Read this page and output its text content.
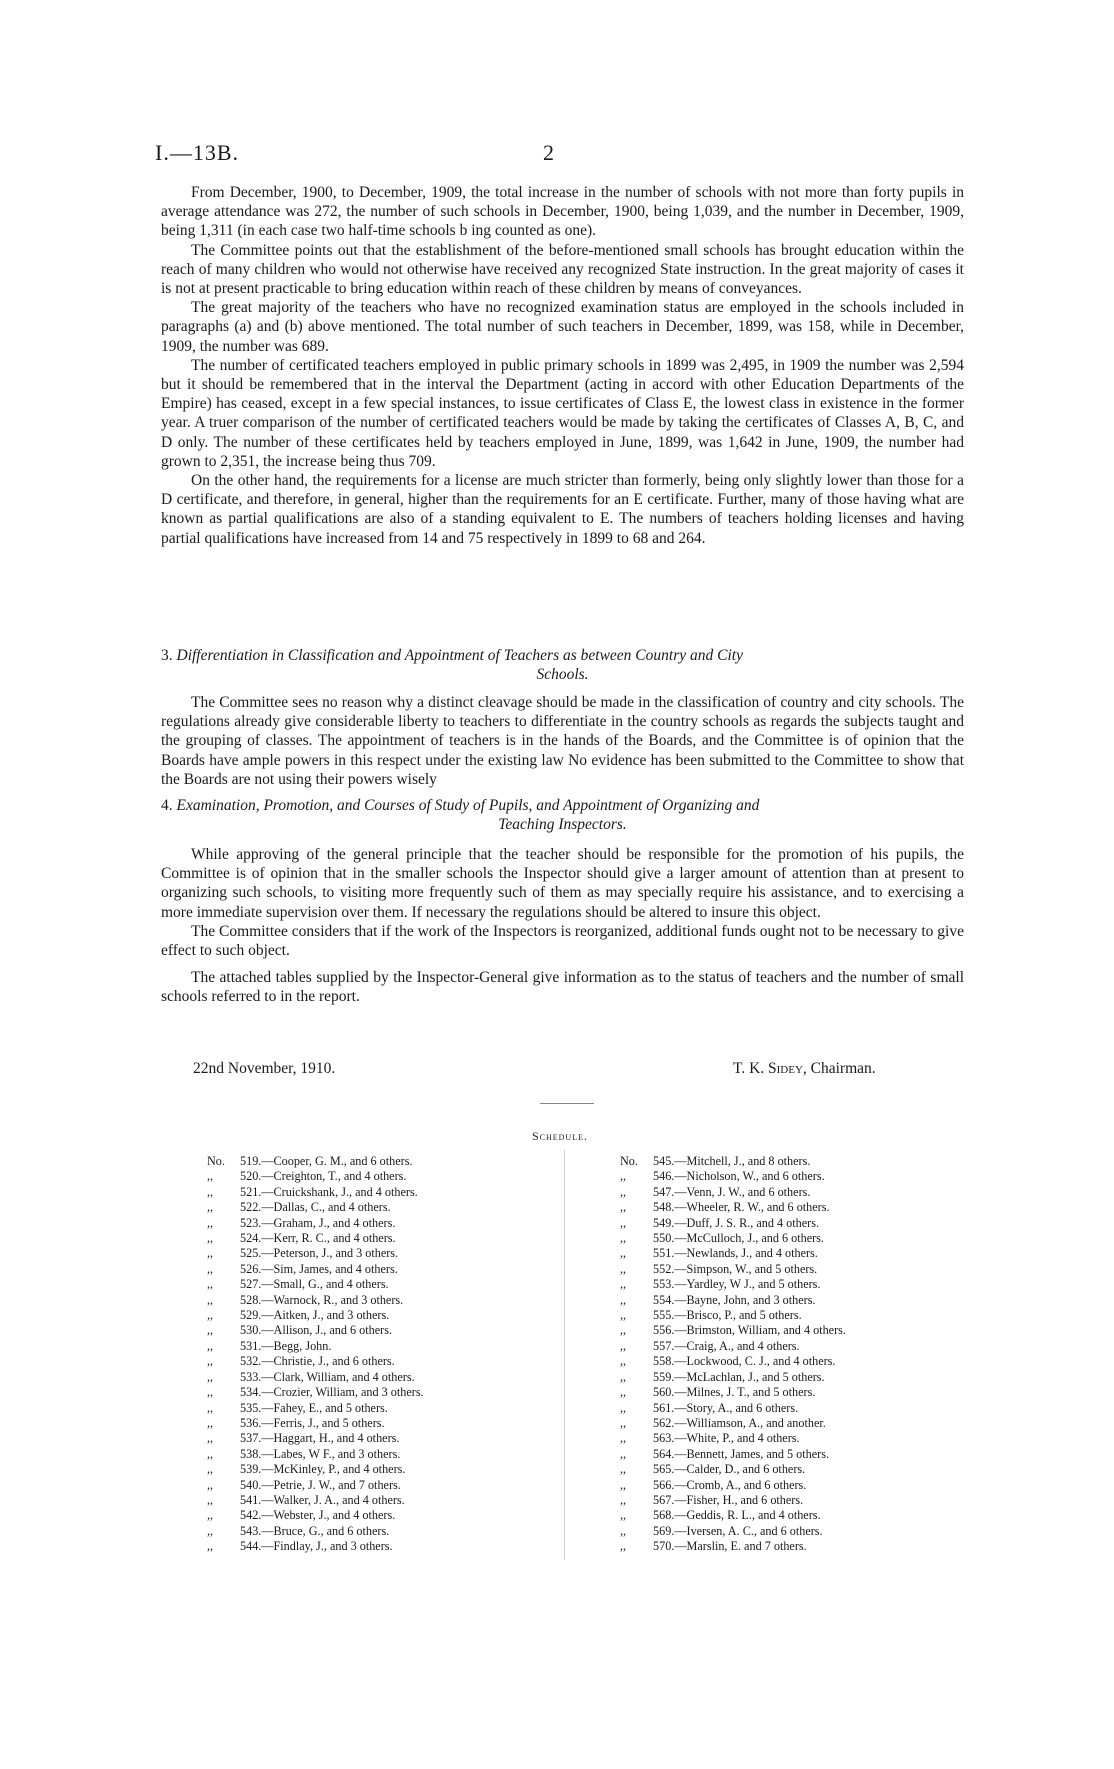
I.—13B.	2

From December, 1900, to December, 1909, the total increase in the number of schools with not more than forty pupils in average attendance was 272, the number of such schools in December, 1900, being 1,039, and the number in December, 1909, being 1,311 (in each case two half-time schools b ing counted as one).

The Committee points out that the establishment of the before-mentioned small schools has brought education within the reach of many children who would not otherwise have received any recognized State instruction. In the great majority of cases it is not at present practicable to bring education within reach of these children by means of conveyances.

The great majority of the teachers who have no recognized examination status are employed in the schools included in paragraphs (a) and (b) above mentioned. The total number of such teachers in December, 1899, was 158, while in December, 1909, the number was 689.

The number of certificated teachers employed in public primary schools in 1899 was 2,495, in 1909 the number was 2,594 but it should be remembered that in the interval the Department (acting in accord with other Education Departments of the Empire) has ceased, except in a few special instances, to issue certificates of Class E, the lowest class in existence in the former year. A truer comparison of the number of certificated teachers would be made by taking the certificates of Classes A, B, C, and D only. The number of these certificates held by teachers employed in June, 1899, was 1,642 in June, 1909, the number had grown to 2,351, the increase being thus 709.

On the other hand, the requirements for a license are much stricter than formerly, being only slightly lower than those for a D certificate, and therefore, in general, higher than the requirements for an E certificate. Further, many of those having what are known as partial qualifications are also of a standing equivalent to E. The numbers of teachers holding licenses and having partial qualifications have increased from 14 and 75 respectively in 1899 to 68 and 264.

3. Differentiation in Classification and Appointment of Teachers as between Country and City
Schools.

The Committee sees no reason why a distinct cleavage should be made in the classification of country and city schools. The regulations already give considerable liberty to teachers to differentiate in the country schools as regards the subjects taught and the grouping of classes. The appointment of teachers is in the hands of the Boards, and the Committee is of opinion that the Boards have ample powers in this respect under the existing law No evidence has been submitted to the Committee to show that the Boards are not using their powers wisely

4. Examination, Promotion, and Courses of Study of Pupils, and Appointment of Organizing and
Teaching Inspectors.

While approving of the general principle that the teacher should be responsible for the promotion of his pupils, the Committee is of opinion that in the smaller schools the Inspector should give a larger amount of attention than at present to organizing such schools, to visiting more frequently such of them as may specially require his assistance, and to exercising a more immediate supervision over them. If necessary the regulations should be altered to insure this object.

The Committee considers that if the work of the Inspectors is reorganized, additional funds ought not to be necessary to give effect to such object.

The attached tables supplied by the Inspector-General give information as to the status of teachers and the number of small schools referred to in the report.

22nd November, 1910.	T. K. Sidey, Chairman.
Schedule.
No.	519.—Cooper, G. M., and 6 others.
,,	520.—Creighton, T., and 4 others.
,,	521.—Cruickshank, J., and 4 others.
,,	522.—Dallas, C., and 4 others.
,,	523.—Graham, J., and 4 others.
,,	524.—Kerr, R. C., and 4 others.
,,	525.—Peterson, J., and 3 others.
,,	526.—Sim, James, and 4 others.
,,	527.—Small, G., and 4 others.
,,	528.—Warnock, R., and 3 others.
,,	529.—Aitken, J., and 3 others.
,,	530.—Allison, J., and 6 others.
,,	531.—Begg, John.
,,	532.—Christie, J., and 6 others.
,,	533.—Clark, William, and 4 others.
,,	534.—Crozier, William, and 3 others.
,,	535.—Fahey, E., and 5 others.
,,	536.—Ferris, J., and 5 others.
,,	537.—Haggart, H., and 4 others.
,,	538.—Labes, W F., and 3 others.
,,	539.—McKinley, P., and 4 others.
,,	540.—Petrie, J. W., and 7 others.
,,	541.—Walker, J. A., and 4 others.
,,	542.—Webster, J., and 4 others.
,,	543.—Bruce, G., and 6 others.
,,	544.—Findlay, J., and 3 others.
No.	545.—Mitchell, J., and 8 others.
,,	546.—Nicholson, W., and 6 others.
,,	547.—Venn, J. W., and 6 others.
,,	548.—Wheeler, R. W., and 6 others.
,,	549.—Duff, J. S. R., and 4 others.
,,	550.—McCulloch, J., and 6 others.
,,	551.—Newlands, J., and 4 others.
,,	552.—Simpson, W., and 5 others.
,,	553.—Yardley, W J., and 5 others.
,,	554.—Bayne, John, and 3 others.
,,	555.—Brisco, P., and 5 others.
,,	556.—Brimston, William, and 4 others.
,,	557.—Craig, A., and 4 others.
,,	558.—Lockwood, C. J., and 4 others.
,,	559.—McLachlan, J., and 5 others.
,,	560.—Milnes, J. T., and 5 others.
,,	561.—Story, A., and 6 others.
,,	562.—Williamson, A., and another.
,,	563.—White, P., and 4 others.
,,	564.—Bennett, James, and 5 others.
,,	565.—Calder, D., and 6 others.
,,	566.—Cromb, A., and 6 others.
,,	567.—Fisher, H., and 6 others.
,,	568.—Geddis, R. L., and 4 others.
,,	569.—Iversen, A. C., and 6 others.
,,	570.—Marslin, E. and 7 others.
